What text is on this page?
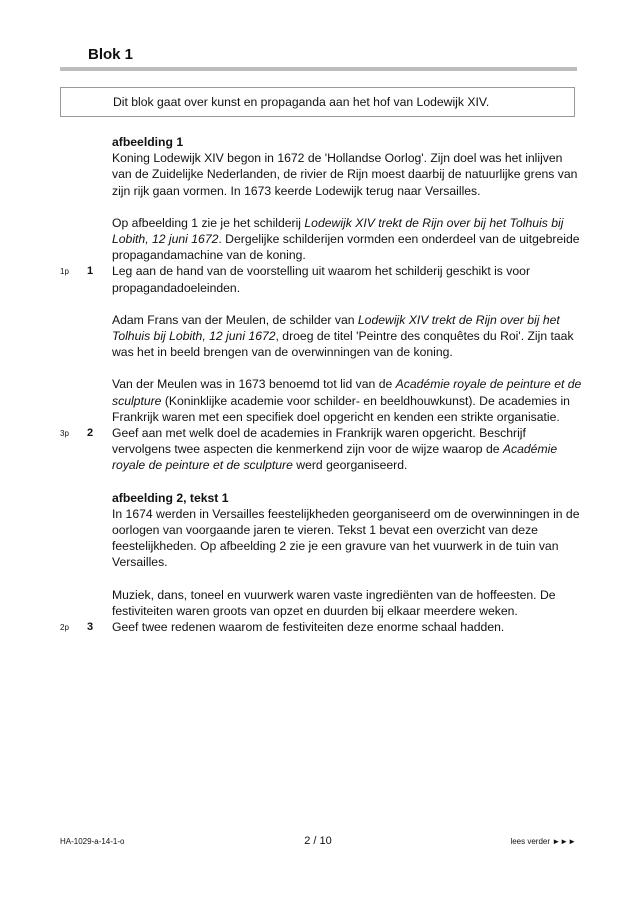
Blok 1
Dit blok gaat over kunst en propaganda aan het hof van Lodewijk XIV.

afbeelding 1

Koning Lodewijk XIV begon in 1672 de 'Hollandse Oorlog'. Zijn doel was het inlijven van de Zuidelijke Nederlanden, de rivier de Rijn moest daarbij de natuurlijke grens van zijn rijk gaan vormen. In 1673 keerde Lodewijk terug naar Versailles.

Op afbeelding 1 zie je het schilderij Lodewijk XIV trekt de Rijn over bij het Tolhuis bij Lobith, 12 juni 1672. Dergelijke schilderijen vormden een onderdeel van de uitgebreide propagandamachine van de koning.

1p 1 Leg aan de hand van de voorstelling uit waarom het schilderij geschikt is voor propagandadoeleinden.

Adam Frans van der Meulen, de schilder van Lodewijk XIV trekt de Rijn over bij het Tolhuis bij Lobith, 12 juni 1672, droeg de titel 'Peintre des conquêtes du Roi'. Zijn taak was het in beeld brengen van de overwinningen van de koning.

Van der Meulen was in 1673 benoemd tot lid van de Académie royale de peinture et de sculpture (Koninklijke academie voor schilder- en beeldhouwkunst). De academies in Frankrijk waren met een specifiek doel opgericht en kenden een strikte organisatie.

3p 2 Geef aan met welk doel de academies in Frankrijk waren opgericht. Beschrijf vervolgens twee aspecten die kenmerkend zijn voor de wijze waarop de Académie royale de peinture et de sculpture werd georganiseerd.

afbeelding 2, tekst 1

In 1674 werden in Versailles feestelijkheden georganiseerd om de overwinningen in de oorlogen van voorgaande jaren te vieren. Tekst 1 bevat een overzicht van deze feestelijkheden. Op afbeelding 2 zie je een gravure van het vuurwerk in de tuin van Versailles.

Muziek, dans, toneel en vuurwerk waren vaste ingrediënten van de hoffeesten. De festiviteiten waren groots van opzet en duurden bij elkaar meerdere weken.

2p 3 Geef twee redenen waarom de festiviteiten deze enorme schaal hadden.

HA-1029-a-14-1-o	2 / 10	lees verder ►►►
